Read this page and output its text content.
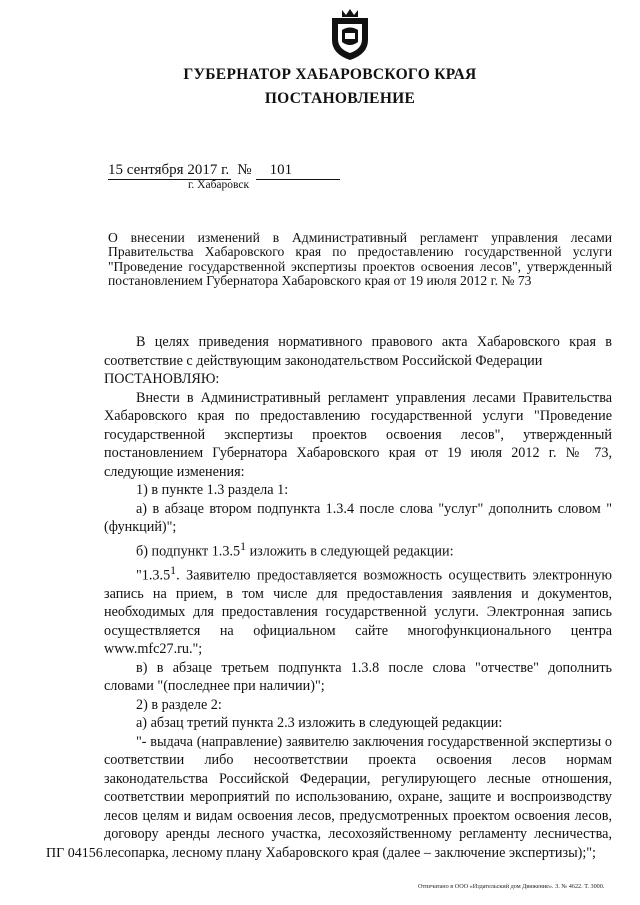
ГУБЕРНАТОР ХАБАРОВСКОГО КРАЯ
ПОСТАНОВЛЕНИЕ
15 сентября 2017 г. № 101
г. Хабаровск

О внесении изменений в Административный регламент управления лесами Правительства Хабаровского края по предоставлению государственной услуги "Проведение государственной экспертизы проектов освоения лесов", утвержденный постановлением Губернатора Хабаровского края от 19 июля 2012 г. № 73

В целях приведения нормативного правового акта Хабаровского края в соответствие с действующим законодательством Российской Федерации

ПОСТАНОВЛЯЮ:

Внести в Административный регламент управления лесами Правительства Хабаровского края по предоставлению государственной услуги "Проведение государственной экспертизы проектов освоения лесов", утвержденный постановлением Губернатора Хабаровского края от 19 июля 2012 г. № 73, следующие изменения:

1) в пункте 1.3 раздела 1:

а) в абзаце втором подпункта 1.3.4 после слова "услуг" дополнить словом "(функций)";

б) подпункт 1.3.5$^1$ изложить в следующей редакции:

"1.3.5$^1$. Заявителю предоставляется возможность осуществить электронную запись на прием, в том числе для предоставления заявления и документов, необходимых для предоставления государственной услуги. Электронная запись осуществляется на официальном сайте многофункционального центра www.mfc27.ru.";

в) в абзаце третьем подпункта 1.3.8 после слова "отчестве" дополнить словами "(последнее при наличии)";

2) в разделе 2:

а) абзац третий пункта 2.3 изложить в следующей редакции:

"- выдача (направление) заявителю заключения государственной экспертизы о соответствии либо несоответствии проекта освоения лесов нормам законодательства Российской Федерации, регулирующего лесные отношения, соответствии мероприятий по использованию, охране, защите и воспроизводству лесов целям и видам освоения лесов, предусмотренных проектом освоения лесов, договору аренды лесного участка, лесохозяйственному регламенту лесничества, лесопарка, лесному плану Хабаровского края (далее – заключение экспертизы);";

ПГ 04156
Отпечатано в ООО «Издательский дом Движение». З. № 4622. Т. 3000.
